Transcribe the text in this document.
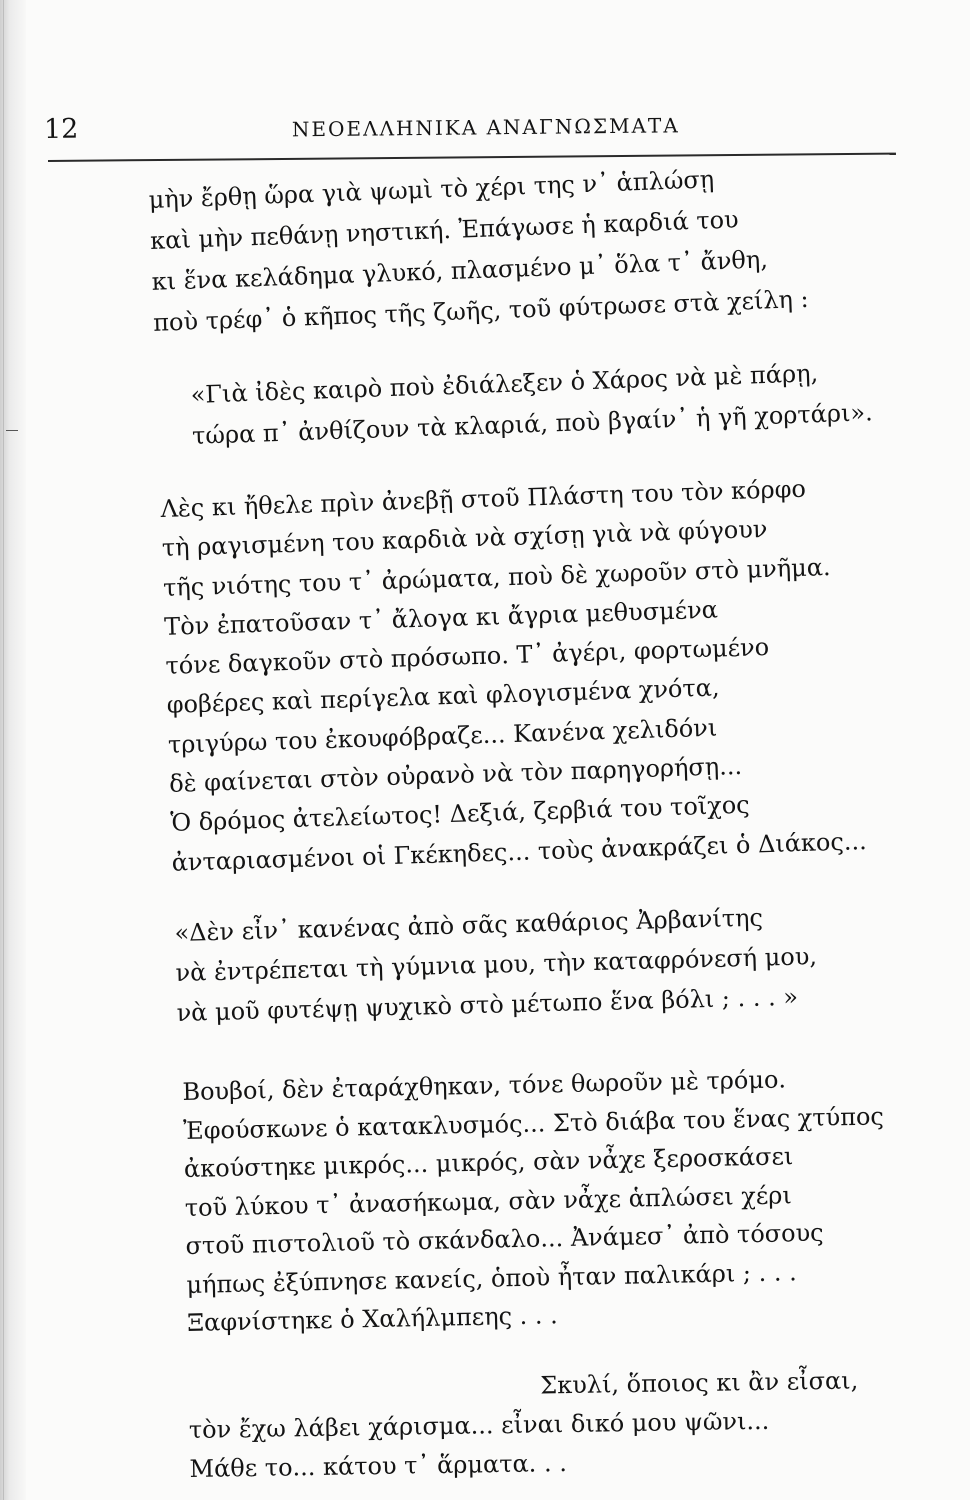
12	ΝΕΟΕΛΛΗΝΙΚΑ ΑΝΑΓΝΩΣΜΑΤΑ

μὴν ἔρθῃ ὥρα γιὰ ψωμὶ τὸ χέρι της ν᾽ ἁπλώσῃ
καὶ μὴν πεθάνῃ νηστική. Ἐπάγωσε ἡ καρδιά του
κι ἕνα κελάδημα γλυκό, πλασμένο μ᾽ ὅλα τ᾽ ἄνθη,
ποὺ τρέφ᾽ ὁ κῆπος τῆς ζωῆς, τοῦ φύτρωσε στὰ χείλη :

«Γιὰ ἰδὲς καιρὸ ποὺ ἐδιάλεξεν ὁ Χάρος νὰ μὲ πάρῃ,
τώρα π᾽ ἀνθίζουν τὰ κλαριά, ποὺ βγαίν᾽ ἡ γῆ χορτάρι».

Λὲς κι ἤθελε πρὶν ἀνεβῇ στοῦ Πλάστη του τὸν κόρφο
τὴ ραγισμένη του καρδιὰ νὰ σχίσῃ γιὰ νὰ φύγουν
τῆς νιότης του τ᾽ ἀρώματα, ποὺ δὲ χωροῦν στὸ μνῆμα.
Τὸν ἐπατοῦσαν τ᾽ ἄλογα κι ἄγρια μεθυσμένα
τόνε δαγκοῦν στὸ πρόσωπο. Τ᾽ ἀγέρι, φορτωμένο
φοβέρες καὶ περίγελα καὶ φλογισμένα χνότα,
τριγύρω του ἐκουφόβραζε... Κανένα χελιδόνι
δὲ φαίνεται στὸν οὐρανὸ νὰ τὸν παρηγορήσῃ...
Ὁ δρόμος ἀτελείωτος! Δεξιά, ζερβιά του τοῖχος
ἀνταριασμένοι οἱ Γκέκηδες... τοὺς ἀνακράζει ὁ Διάκος...

«Δὲν εἶν᾽ κανένας ἀπὸ σᾶς καθάριος Ἀρβανίτης
νὰ ἐντρέπεται τὴ γύμνια μου, τὴν καταφρόνεσή μου,
νὰ μοῦ φυτέψῃ ψυχικὸ στὸ μέτωπο ἕνα βόλι ; . . . »

Βουβοί, δὲν ἐταράχθηκαν, τόνε θωροῦν μὲ τρόμο.
Ἐφούσκωνε ὁ κατακλυσμός... Στὸ διάβα του ἕνας χτύπος
ἀκούστηκε μικρός... μικρός, σὰν νἆχε ξεροσκάσει
τοῦ λύκου τ᾽ ἀνασήκωμα, σὰν νἆχε ἁπλώσει χέρι
στοῦ πιστολιοῦ τὸ σκάνδαλο... Ἀνάμεσ᾽ ἀπὸ τόσους
μήπως ἐξύπνησε κανείς, ὁποὺ ἦταν παλικάρι ; . . .
Ξαφνίστηκε ὁ Χαλήλμπεης . . .

Σκυλί, ὅποιος κι ἂν εἶσαι,
τὸν ἔχω λάβει χάρισμα... εἶναι δικό μου ψῶνι...
Μάθε το... κάτου τ᾽ ἅρματα. . .
